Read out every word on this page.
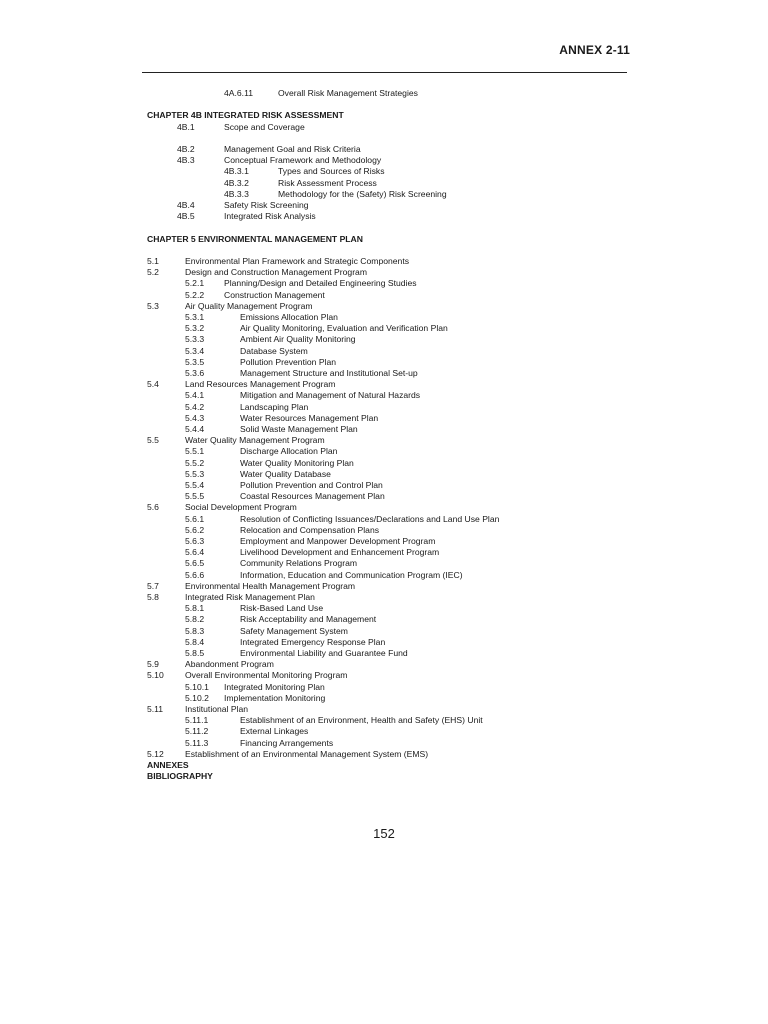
ANNEX 2-11
4A.6.11	Overall Risk Management Strategies
CHAPTER 4B INTEGRATED RISK ASSESSMENT
4B.1	Scope and Coverage
4B.2	Management Goal and Risk Criteria
4B.3	Conceptual Framework and Methodology
4B.3.1	Types and Sources of Risks
4B.3.2	Risk Assessment Process
4B.3.3	Methodology for the (Safety) Risk Screening
4B.4	Safety Risk Screening
4B.5	Integrated Risk Analysis
CHAPTER 5 ENVIRONMENTAL MANAGEMENT PLAN
5.1	Environmental Plan Framework and Strategic Components
5.2	Design and Construction Management Program
5.2.1 Planning/Design and Detailed Engineering Studies
5.2.2 Construction Management
5.3	Air Quality Management Program
5.3.1	Emissions Allocation Plan
5.3.2	Air Quality Monitoring, Evaluation and Verification Plan
5.3.3	Ambient Air Quality Monitoring
5.3.4	Database System
5.3.5	Pollution Prevention Plan
5.3.6	Management Structure and Institutional Set-up
5.4	Land Resources Management Program
5.4.1	Mitigation and Management of Natural Hazards
5.4.2	Landscaping Plan
5.4.3	Water Resources Management Plan
5.4.4	Solid Waste Management Plan
5.5	Water Quality Management Program
5.5.1	Discharge Allocation Plan
5.5.2	Water Quality Monitoring Plan
5.5.3	Water Quality Database
5.5.4	Pollution Prevention and Control Plan
5.5.5	Coastal Resources Management Plan
5.6	Social Development Program
5.6.1	Resolution of Conflicting Issuances/Declarations and Land Use Plan
5.6.2	Relocation and Compensation Plans
5.6.3	Employment and Manpower Development Program
5.6.4	Livelihood Development and Enhancement Program
5.6.5	Community Relations Program
5.6.6	Information, Education and Communication Program (IEC)
5.7	Environmental Health Management Program
5.8	Integrated Risk Management Plan
5.8.1	Risk-Based Land Use
5.8.2	Risk Acceptability and Management
5.8.3	Safety Management System
5.8.4	Integrated Emergency Response Plan
5.8.5	Environmental Liability and Guarantee Fund
5.9	Abandonment Program
5.10 Overall Environmental Monitoring Program
5.10.1 Integrated Monitoring Plan
5.10.2 Implementation Monitoring
5.11	Institutional Plan
5.11.1	Establishment of an Environment, Health and Safety (EHS) Unit
5.11.2	External Linkages
5.11.3	Financing Arrangements
5.12 Establishment of an Environmental Management System (EMS)
ANNEXES
BIBLIOGRAPHY
152
